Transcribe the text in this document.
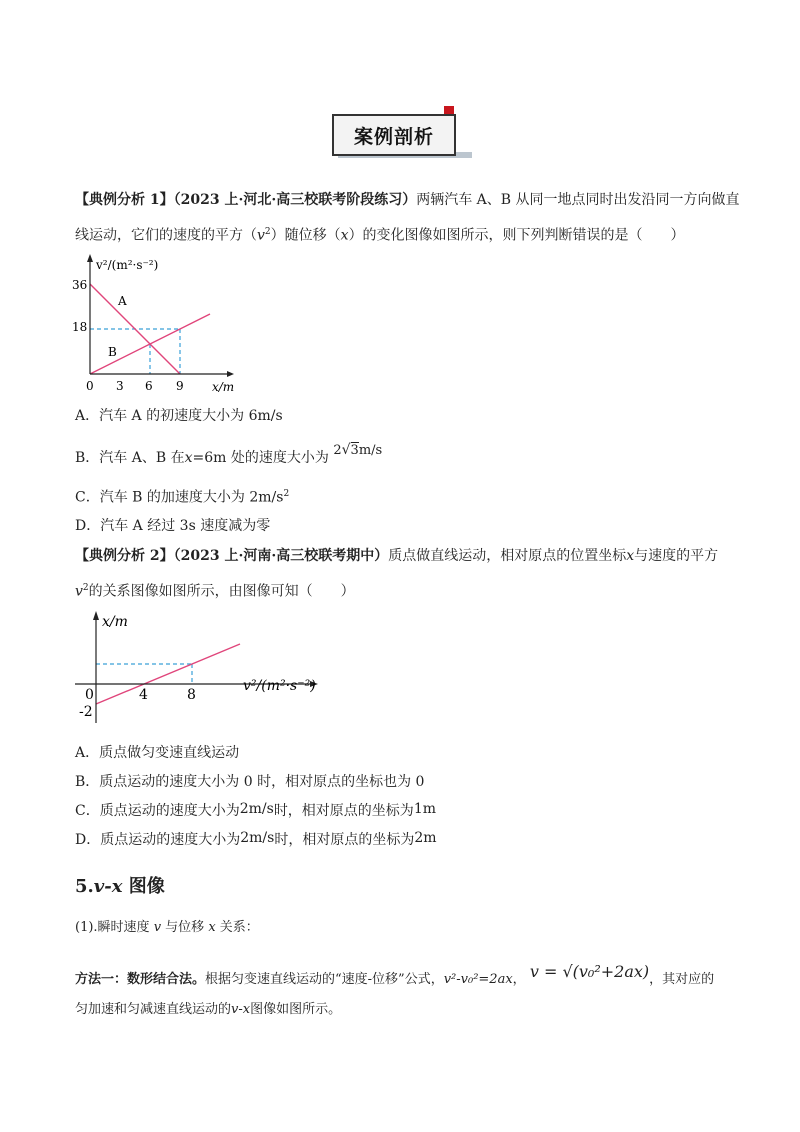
案例剖析
【典例分析 1】（2023 上·河北·高三校联考阶段练习）两辆汽车 A、B 从同一地点同时出发沿同一方向做直
线运动，它们的速度的平方$(v^2)$随位移（x）的变化图像如图所示，则下列判断错误的是（　　）
v²/(m²·s⁻²)
x/m
0 3 6 9
36
18
A
B
A．汽车 A 的初速度大小为 6m/s
B．汽车 A、B 在x=6m 处的速度大小为 2√3m/s
C．汽车 B 的加速度大小为 $2m/s^2$
D．汽车 A 经过 3s 速度减为零
【典例分析 2】（2023 上·河南·高三校联考期中）质点做直线运动，相对原点的位置坐标x与速度的平方
$v^2$的关系图像如图所示，由图像可知（　　）
x/m
v²/(m²·s⁻²)
0	4	8
-2
A．质点做匀变速直线运动
B．质点运动的速度大小为 0 时，相对原点的坐标也为 0
C．质点运动的速度大小为2m/s时，相对原点的坐标为1m
D．质点运动的速度大小为2m/s时，相对原点的坐标为2m
5.v-x 图像
(1).瞬时速度 v 与位移 x 关系：
方法一：数形结合法。根据匀变速直线运动的“速度-位移”公式，v²-v₀²=2ax， v = √(v₀²+2ax)，其对应的
匀加速和匀减速直线运动的v-x图像如图所示。
